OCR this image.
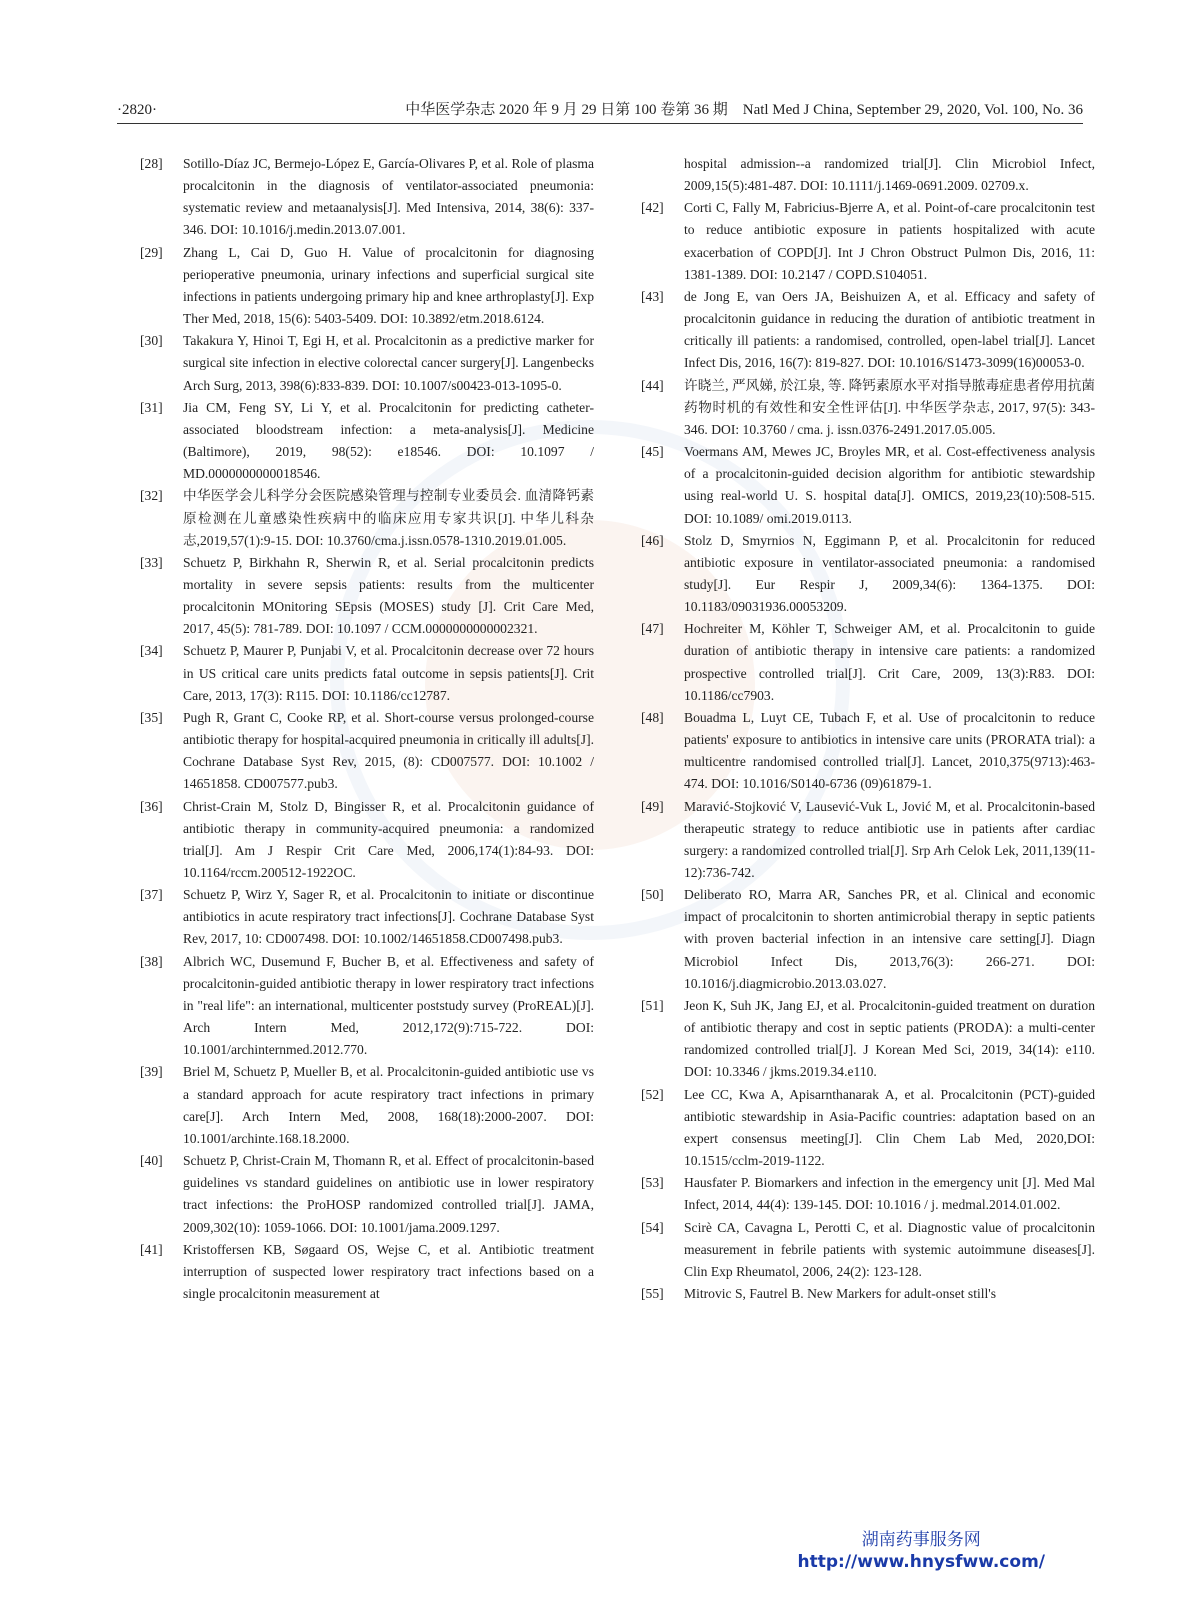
·2820·	中华医学杂志 2020 年 9 月 29 日第 100 卷第 36 期　Natl Med J China, September 29, 2020, Vol. 100, No. 36
[28] Sotillo-Díaz JC, Bermejo-López E, García-Olivares P, et al. Role of plasma procalcitonin in the diagnosis of ventilator-associated pneumonia: systematic review and metaanalysis[J]. Med Intensiva, 2014, 38(6): 337-346. DOI: 10.1016/j.medin.2013.07.001.
[29] Zhang L, Cai D, Guo H. Value of procalcitonin for diagnosing perioperative pneumonia, urinary infections and superficial surgical site infections in patients undergoing primary hip and knee arthroplasty[J]. Exp Ther Med, 2018, 15(6): 5403-5409. DOI: 10.3892/etm.2018.6124.
[30] Takakura Y, Hinoi T, Egi H, et al. Procalcitonin as a predictive marker for surgical site infection in elective colorectal cancer surgery[J]. Langenbecks Arch Surg, 2013, 398(6):833-839. DOI: 10.1007/s00423-013-1095-0.
[31] Jia CM, Feng SY, Li Y, et al. Procalcitonin for predicting catheter-associated bloodstream infection: a meta-analysis[J]. Medicine (Baltimore), 2019, 98(52): e18546. DOI: 10.1097 / MD.0000000000018546.
[32] 中华医学会儿科学分会医院感染管理与控制专业委员会. 血清降钙素原检测在儿童感染性疾病中的临床应用专家共识[J]. 中华儿科杂志,2019,57(1):9-15. DOI: 10.3760/cma.j.issn.0578-1310.2019.01.005.
[33] Schuetz P, Birkhahn R, Sherwin R, et al. Serial procalcitonin predicts mortality in severe sepsis patients: results from the multicenter procalcitonin MOnitoring SEpsis (MOSES) study [J]. Crit Care Med, 2017, 45(5): 781-789. DOI: 10.1097 / CCM.0000000000002321.
[34] Schuetz P, Maurer P, Punjabi V, et al. Procalcitonin decrease over 72 hours in US critical care units predicts fatal outcome in sepsis patients[J]. Crit Care, 2013, 17(3): R115. DOI: 10.1186/cc12787.
[35] Pugh R, Grant C, Cooke RP, et al. Short-course versus prolonged-course antibiotic therapy for hospital-acquired pneumonia in critically ill adults[J]. Cochrane Database Syst Rev, 2015, (8): CD007577. DOI: 10.1002 / 14651858. CD007577.pub3.
[36] Christ-Crain M, Stolz D, Bingisser R, et al. Procalcitonin guidance of antibiotic therapy in community-acquired pneumonia: a randomized trial[J]. Am J Respir Crit Care Med, 2006,174(1):84-93. DOI: 10.1164/rccm.200512-1922OC.
[37] Schuetz P, Wirz Y, Sager R, et al. Procalcitonin to initiate or discontinue antibiotics in acute respiratory tract infections[J]. Cochrane Database Syst Rev, 2017, 10: CD007498. DOI: 10.1002/14651858.CD007498.pub3.
[38] Albrich WC, Dusemund F, Bucher B, et al. Effectiveness and safety of procalcitonin-guided antibiotic therapy in lower respiratory tract infections in "real life": an international, multicenter poststudy survey (ProREAL)[J]. Arch Intern Med, 2012,172(9):715-722. DOI: 10.1001/archinternmed.2012.770.
[39] Briel M, Schuetz P, Mueller B, et al. Procalcitonin-guided antibiotic use vs a standard approach for acute respiratory tract infections in primary care[J]. Arch Intern Med, 2008, 168(18):2000-2007. DOI: 10.1001/archinte.168.18.2000.
[40] Schuetz P, Christ-Crain M, Thomann R, et al. Effect of procalcitonin-based guidelines vs standard guidelines on antibiotic use in lower respiratory tract infections: the ProHOSP randomized controlled trial[J]. JAMA, 2009,302(10): 1059-1066. DOI: 10.1001/jama.2009.1297.
[41] Kristoffersen KB, Søgaard OS, Wejse C, et al. Antibiotic treatment interruption of suspected lower respiratory tract infections based on a single procalcitonin measurement at
hospital admission--a randomized trial[J]. Clin Microbiol Infect, 2009,15(5):481-487. DOI: 10.1111/j.1469-0691.2009. 02709.x.
[42] Corti C, Fally M, Fabricius-Bjerre A, et al. Point-of-care procalcitonin test to reduce antibiotic exposure in patients hospitalized with acute exacerbation of COPD[J]. Int J Chron Obstruct Pulmon Dis, 2016, 11: 1381-1389. DOI: 10.2147 / COPD.S104051.
[43] de Jong E, van Oers JA, Beishuizen A, et al. Efficacy and safety of procalcitonin guidance in reducing the duration of antibiotic treatment in critically ill patients: a randomised, controlled, open-label trial[J]. Lancet Infect Dis, 2016, 16(7): 819-827. DOI: 10.1016/S1473-3099(16)00053-0.
[44] 许晓兰, 严风娣, 於江泉, 等. 降钙素原水平对指导脓毒症患者停用抗菌药物时机的有效性和安全性评估[J]. 中华医学杂志, 2017, 97(5): 343-346. DOI: 10.3760 / cma. j. issn.0376-2491.2017.05.005.
[45] Voermans AM, Mewes JC, Broyles MR, et al. Cost-effectiveness analysis of a procalcitonin-guided decision algorithm for antibiotic stewardship using real-world U. S. hospital data[J]. OMICS, 2019,23(10):508-515. DOI: 10.1089/ omi.2019.0113.
[46] Stolz D, Smyrnios N, Eggimann P, et al. Procalcitonin for reduced antibiotic exposure in ventilator-associated pneumonia: a randomised study[J]. Eur Respir J, 2009,34(6): 1364-1375. DOI: 10.1183/09031936.00053209.
[47] Hochreiter M, Köhler T, Schweiger AM, et al. Procalcitonin to guide duration of antibiotic therapy in intensive care patients: a randomized prospective controlled trial[J]. Crit Care, 2009, 13(3):R83. DOI: 10.1186/cc7903.
[48] Bouadma L, Luyt CE, Tubach F, et al. Use of procalcitonin to reduce patients' exposure to antibiotics in intensive care units (PRORATA trial): a multicentre randomised controlled trial[J]. Lancet, 2010,375(9713):463-474. DOI: 10.1016/S0140-6736 (09)61879-1.
[49] Maravić-Stojković V, Lausević-Vuk L, Jović M, et al. Procalcitonin-based therapeutic strategy to reduce antibiotic use in patients after cardiac surgery: a randomized controlled trial[J]. Srp Arh Celok Lek, 2011,139(11-12):736-742.
[50] Deliberato RO, Marra AR, Sanches PR, et al. Clinical and economic impact of procalcitonin to shorten antimicrobial therapy in septic patients with proven bacterial infection in an intensive care setting[J]. Diagn Microbiol Infect Dis, 2013,76(3): 266-271. DOI: 10.1016/j.diagmicrobio.2013.03.027.
[51] Jeon K, Suh JK, Jang EJ, et al. Procalcitonin-guided treatment on duration of antibiotic therapy and cost in septic patients (PRODA): a multi-center randomized controlled trial[J]. J Korean Med Sci, 2019, 34(14): e110. DOI: 10.3346 / jkms.2019.34.e110.
[52] Lee CC, Kwa A, Apisarnthanarak A, et al. Procalcitonin (PCT)-guided antibiotic stewardship in Asia-Pacific countries: adaptation based on an expert consensus meeting[J]. Clin Chem Lab Med, 2020,DOI: 10.1515/cclm-2019-1122.
[53] Hausfater P. Biomarkers and infection in the emergency unit [J]. Med Mal Infect, 2014, 44(4): 139-145. DOI: 10.1016 / j. medmal.2014.01.002.
[54] Scirè CA, Cavagna L, Perotti C, et al. Diagnostic value of procalcitonin measurement in febrile patients with systemic autoimmune diseases[J]. Clin Exp Rheumatol, 2006, 24(2): 123-128.
[55] Mitrovic S, Fautrel B. New Markers for adult-onset still's
湖南药事服务网
http://www.hnysfww.com/
